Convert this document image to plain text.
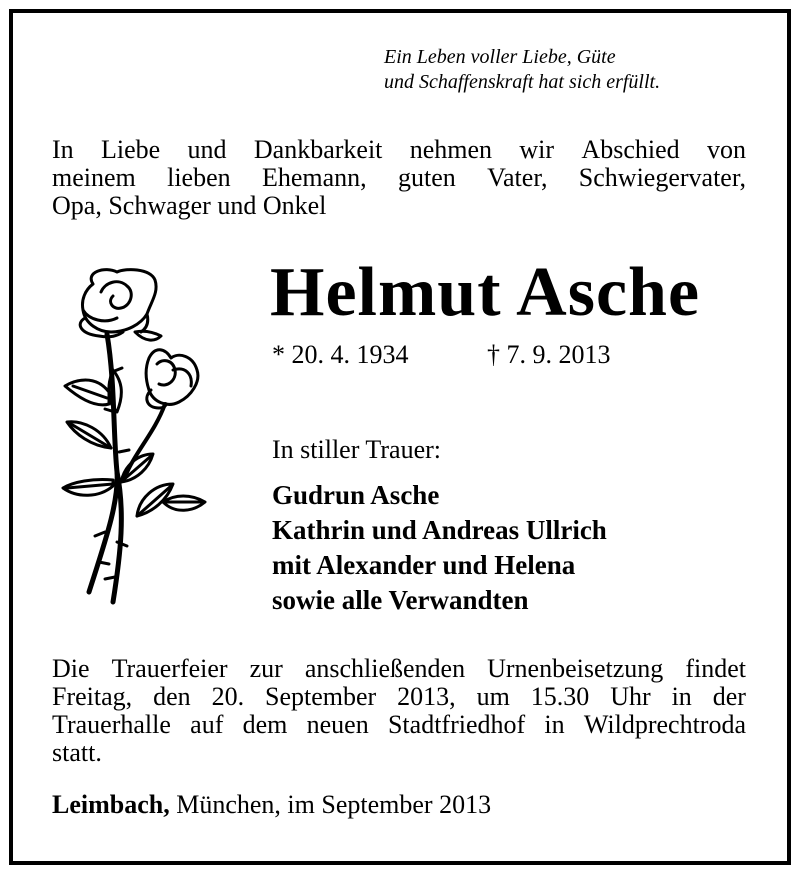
Ein Leben voller Liebe, Güte
und Schaffenskraft hat sich erfüllt.
In Liebe und Dankbarkeit nehmen wir Abschied von
meinem lieben Ehemann, guten Vater, Schwiegervater,
Opa, Schwager und Onkel
Helmut Asche
* 20. 4. 1934	† 7. 9. 2013
In stiller Trauer:
Gudrun Asche
Kathrin und Andreas Ullrich
mit Alexander und Helena
sowie alle Verwandten
Die Trauerfeier zur anschließenden Urnenbeisetzung findet
Freitag, den 20. September 2013, um 15.30 Uhr in der
Trauerhalle auf dem neuen Stadtfriedhof in Wildprechtroda
statt.
Leimbach, München, im September 2013
